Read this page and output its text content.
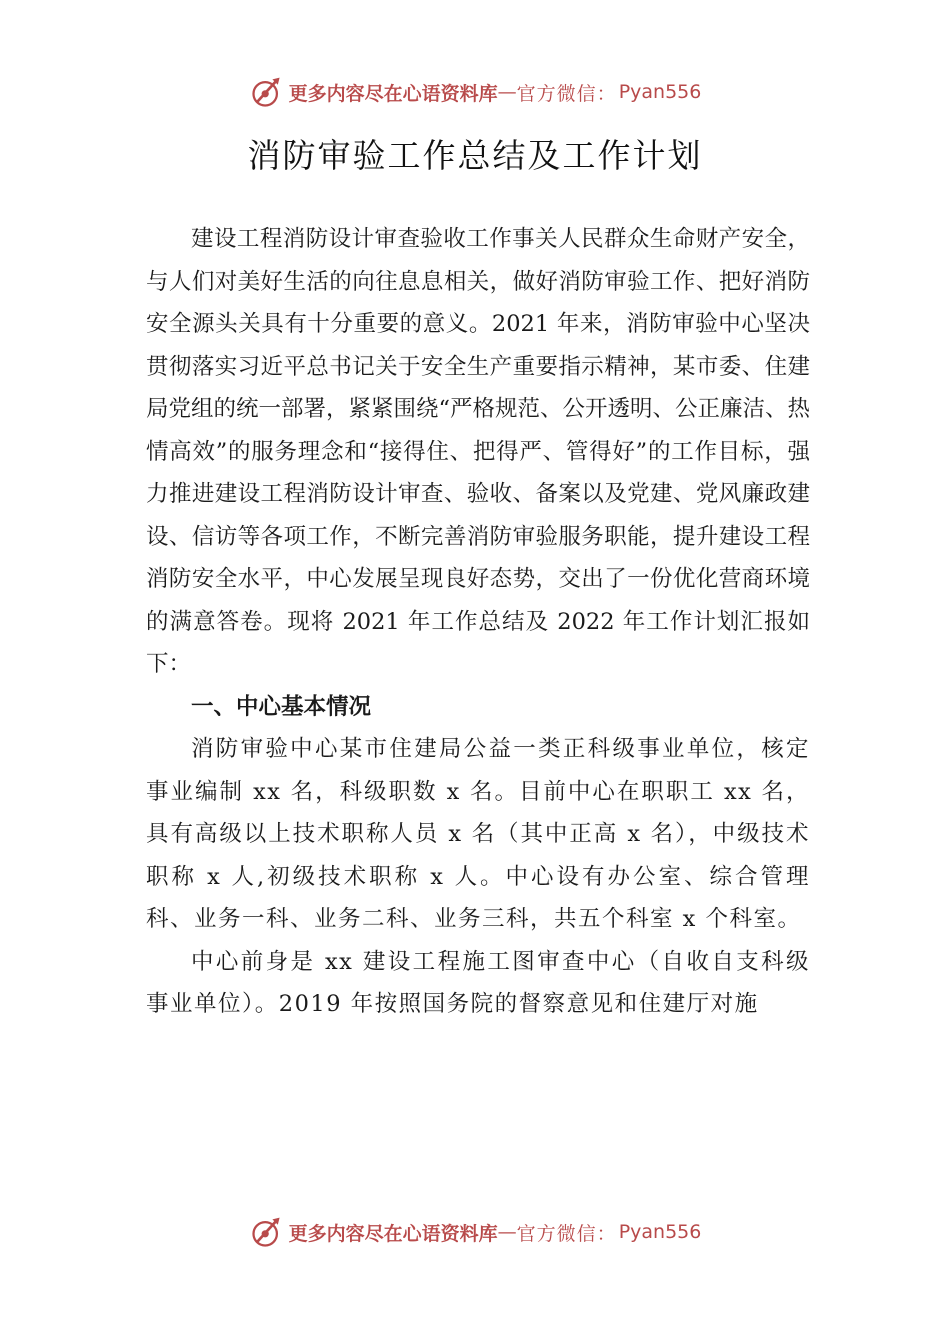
更多内容尽在心语资料库 — 官方微信： Pyan556
消防审验工作总结及工作计划

建设工程消防设计审查验收工作事关人民群众生命财产安全，与人们对美好生活的向往息息相关，做好消防审验工作、把好消防安全源头关具有十分重要的意义。2021 年来，消防审验中心坚决贯彻落实习近平总书记关于安全生产重要指示精神，某市委、住建局党组的统一部署，紧紧围绕“严格规范、公开透明、公正廉洁、热情高效”的服务理念和“接得住、把得严、管得好”的工作目标，强力推进建设工程消防设计审查、验收、备案以及党建、党风廉政建设、信访等各项工作，不断完善消防审验服务职能，提升建设工程消防安全水平，中心发展呈现良好态势，交出了一份优化营商环境的满意答卷。现将 2021 年工作总结及 2022 年工作计划汇报如下：

一、中心基本情况

消防审验中心某市住建局公益一类正科级事业单位，核定事业编制 xx 名，科级职数 x 名。目前中心在职职工 xx 名，具有高级以上技术职称人员 x 名（其中正高 x 名），中级技术职称 x 人,初级技术职称 x 人。中心设有办公室、综合管理科、业务一科、业务二科、业务三科，共五个科室 x 个科室。

中心前身是 xx 建设工程施工图审查中心（自收自支科级事业单位）。2019 年按照国务院的督察意见和住建厅对施

更多内容尽在心语资料库 — 官方微信： Pyan556
